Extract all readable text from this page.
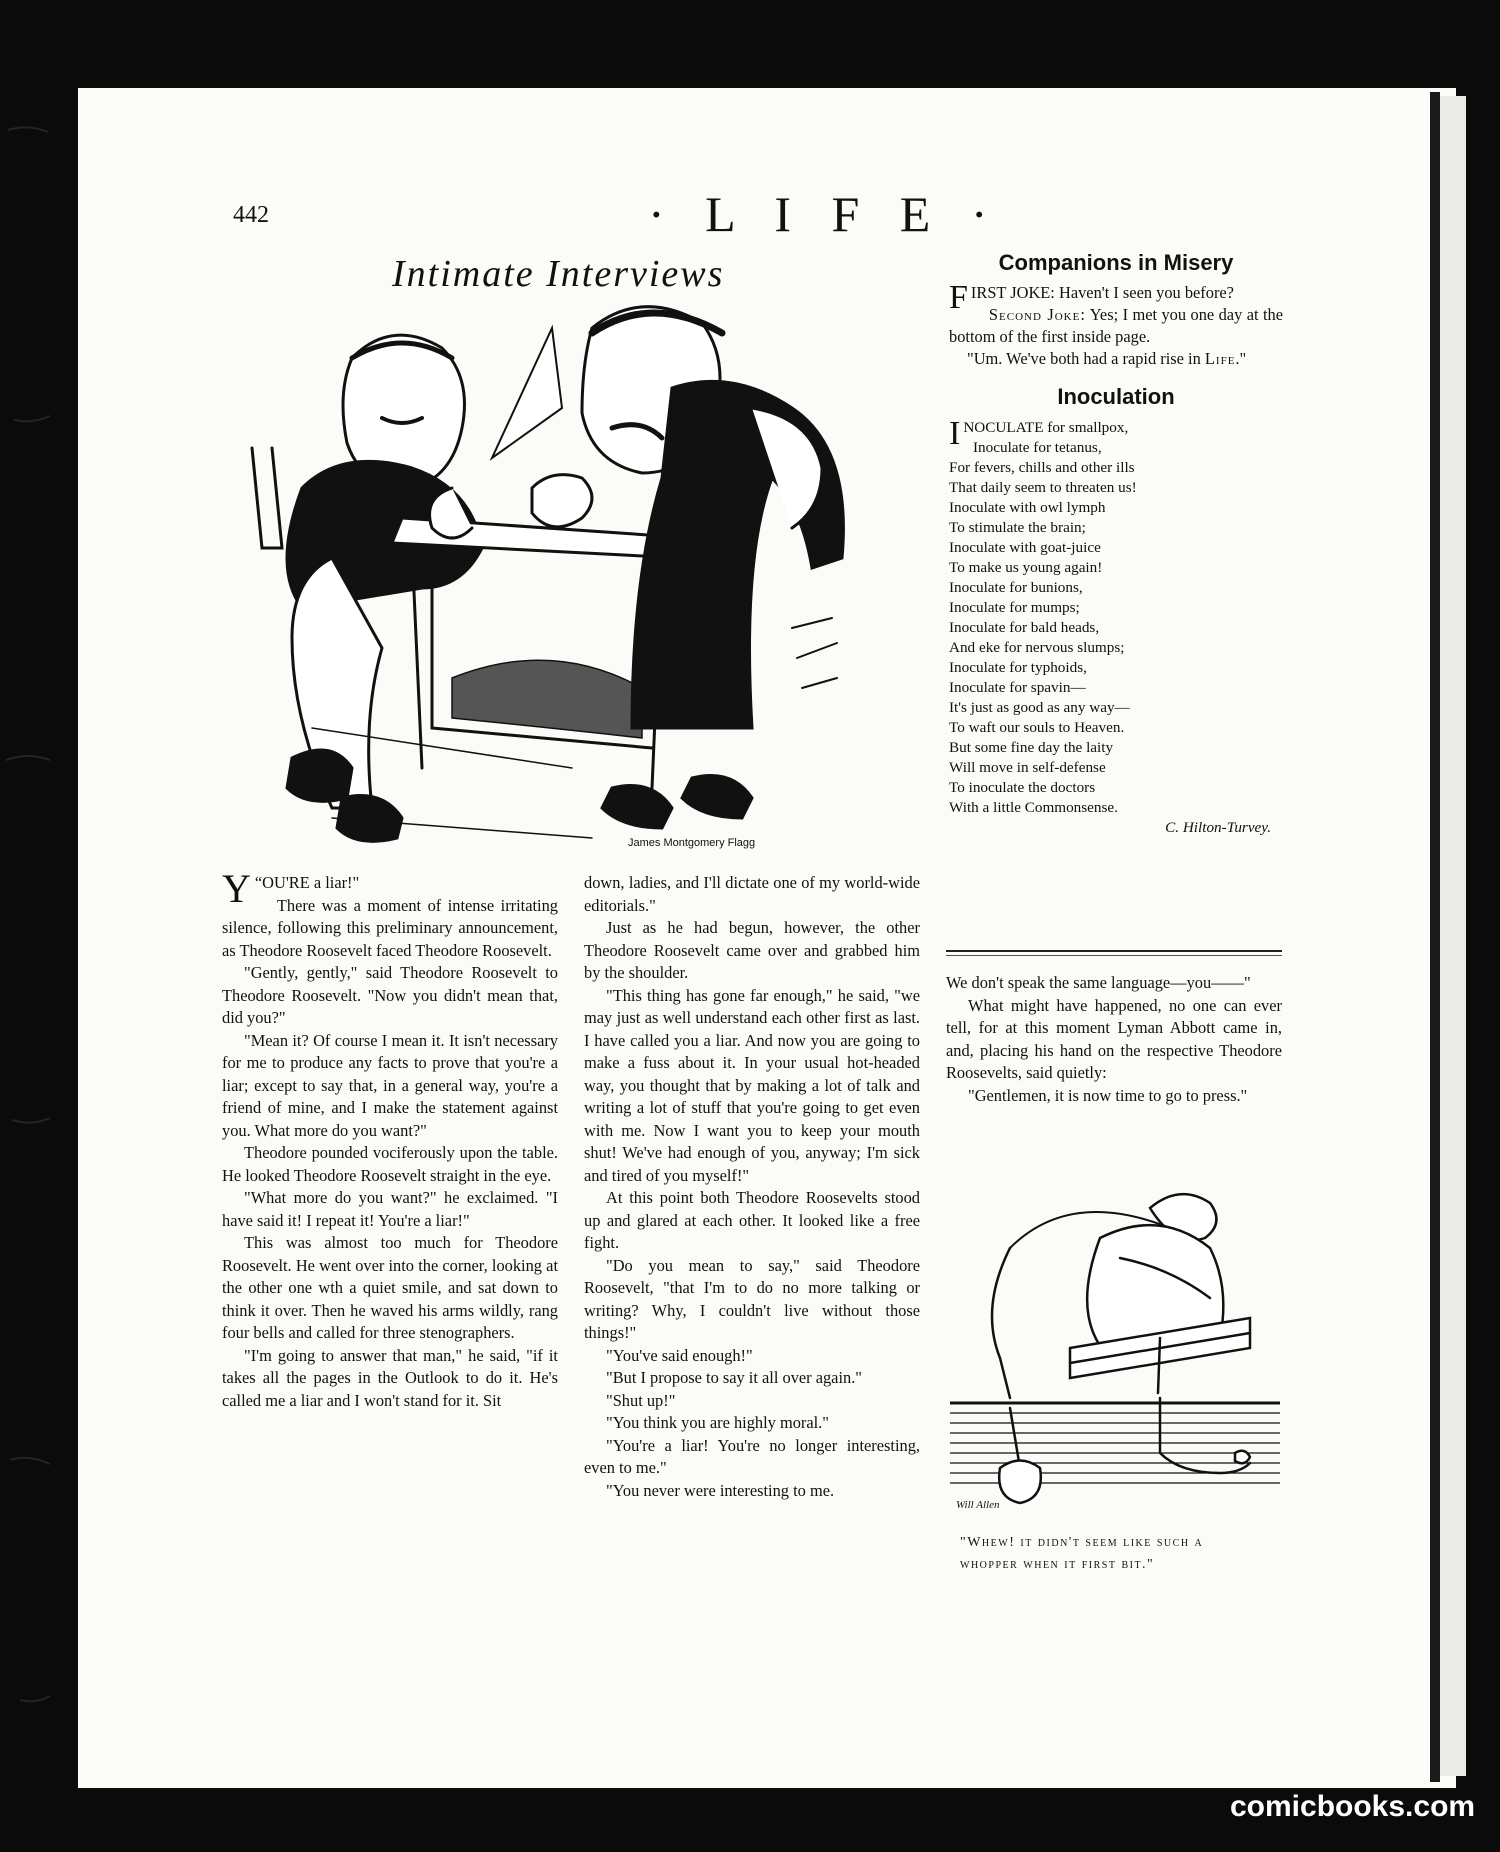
442	· L I F E ·
Intimate Interviews
James Montgomery Flagg

“
Y OU'RE a liar!"

There was a moment of intense irritating silence, following this preliminary announcement, as Theodore Roosevelt faced Theodore Roosevelt.

"Gently, gently," said Theodore Roosevelt to Theodore Roosevelt. "Now you didn't mean that, did you?"

"Mean it? Of course I mean it. It isn't necessary for me to produce any facts to prove that you're a liar; except to say that, in a general way, you're a friend of mine, and I make the statement against you. What more do you want?"

Theodore pounded vociferously upon the table. He looked Theodore Roosevelt straight in the eye.

"What more do you want?" he exclaimed. "I have said it! I repeat it! You're a liar!"

This was almost too much for Theodore Roosevelt. He went over into the corner, looking at the other one wth a quiet smile, and sat down to think it over. Then he waved his arms wildly, rang four bells and called for three stenographers.

"I'm going to answer that man," he said, "if it takes all the pages in the Outlook to do it. He's called me a liar and I won't stand for it. Sit

down, ladies, and I'll dictate one of my world-wide editorials."

Just as he had begun, however, the other Theodore Roosevelt came over and grabbed him by the shoulder.

"This thing has gone far enough," he said, "we may just as well understand each other first as last. I have called you a liar. And now you are going to make a fuss about it. In your usual hot-headed way, you thought that by making a lot of talk and writing a lot of stuff that you're going to get even with me. Now I want you to keep your mouth shut! We've had enough of you, anyway; I'm sick and tired of you myself!"

At this point both Theodore Roosevelts stood up and glared at each other. It looked like a free fight.

"Do you mean to say," said Theodore Roosevelt, "that I'm to do no more talking or writing? Why, I couldn't live without those things!"

"You've said enough!"

"But I propose to say it all over again."

"Shut up!"

"You think you are highly moral."

"You're a liar! You're no longer interesting, even to me."

"You never were interesting to me.

Companions in Misery

FIRST JOKE: Haven't I seen you before?

Second Joke: Yes; I met you one day at the bottom of the first inside page.

"Um. We've both had a rapid rise in Life."

Inoculation
INOCULATE for smallpox,
Inoculate for tetanus,
For fevers, chills and other ills
That daily seem to threaten us!
Inoculate with owl lymph
To stimulate the brain;
Inoculate with goat-juice
To make us young again!
Inoculate for bunions,
Inoculate for mumps;
Inoculate for bald heads,
And eke for nervous slumps;
Inoculate for typhoids,
Inoculate for spavin—
It's just as good as any way—
To waft our souls to Heaven.
But some fine day the laity
Will move in self-defense
To inoculate the doctors
With a little Commonsense.
C. Hilton-Turvey.

We don't speak the same language—you——"

What might have happened, no one can ever tell, for at this moment Lyman Abbott came in, and, placing his hand on the respective Theodore Roosevelts, said quietly:

"Gentlemen, it is now time to go to press."

Will Allen
"Whew! it didn't seem like such a whopper when it first bit."
comicbooks.com
